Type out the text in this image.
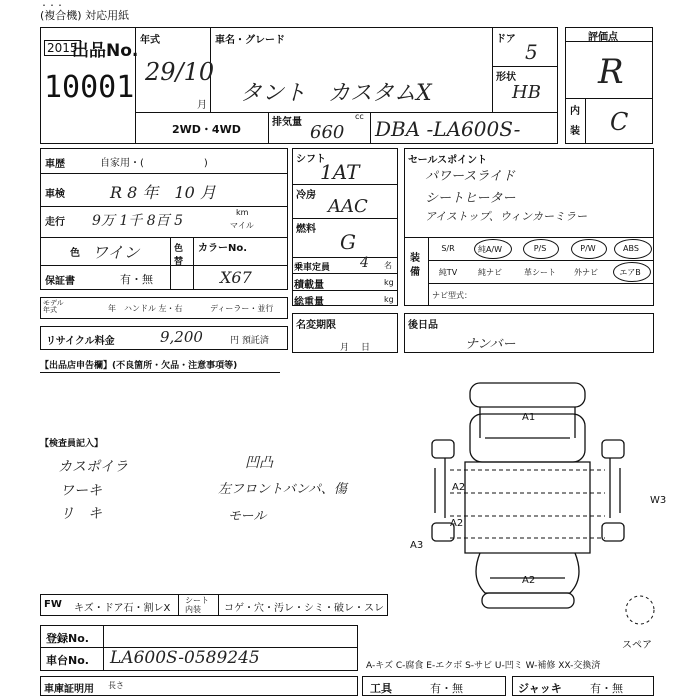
・・・　　　　　　　　　　　　　　　　
(複合機) 対応用紙
出品No.
2015
10001
年式
29/10
月
車名・グレード
タント　カスタムX
ドア
5
形状
HB
2WD・4WD
排気量
cc
660 DBA -LA600S-
評価点
R
内
装 C
車歴	自家用・(　　　　　　)
車検	R 8 年　10 月
走行 9万 1千 8百 5
km
マイル
色 ワイン	色替
カラーNo.
X67
保証書	有・無
モデル年式	年 ハンドル 左・右	ディーラー・並行
リサイクル料金	9,200	円 預託済
シフト
1AT
冷房
AAC
燃料
G
乗車定員 4 名
積載量	kg
総重量	kg
名変期限
月日
セールスポイント
パワースライド
シートヒーター
アイストップ、ウィンカーミラー
装備
S/R	純A/W	P/S	P/W	ABS
純TV	純ナビ	革シート	外ナビ	エアB
ナビ型式：
後日品
ナンバー
【出品店申告欄】(不良箇所・欠品・注意事項等)
【検査員記入】
カスポイラ
ワーキ
リ　キ
凹凸
左フロントバンパ、傷
モール
A1
A2
A2
A2
A3
W3
スペア
FW キズ・ドア石・割レX
シート内装	コゲ・穴・汚レ・シミ・破レ・スレ
登録No.
車台No. LA600S-0589245	A-キズ C-腐食 E-エクボ S-サビ U-凹ミ W-補修 XX-交換済
車庫証明用 長さ	工具	有・無	ジャッキ	有・無
